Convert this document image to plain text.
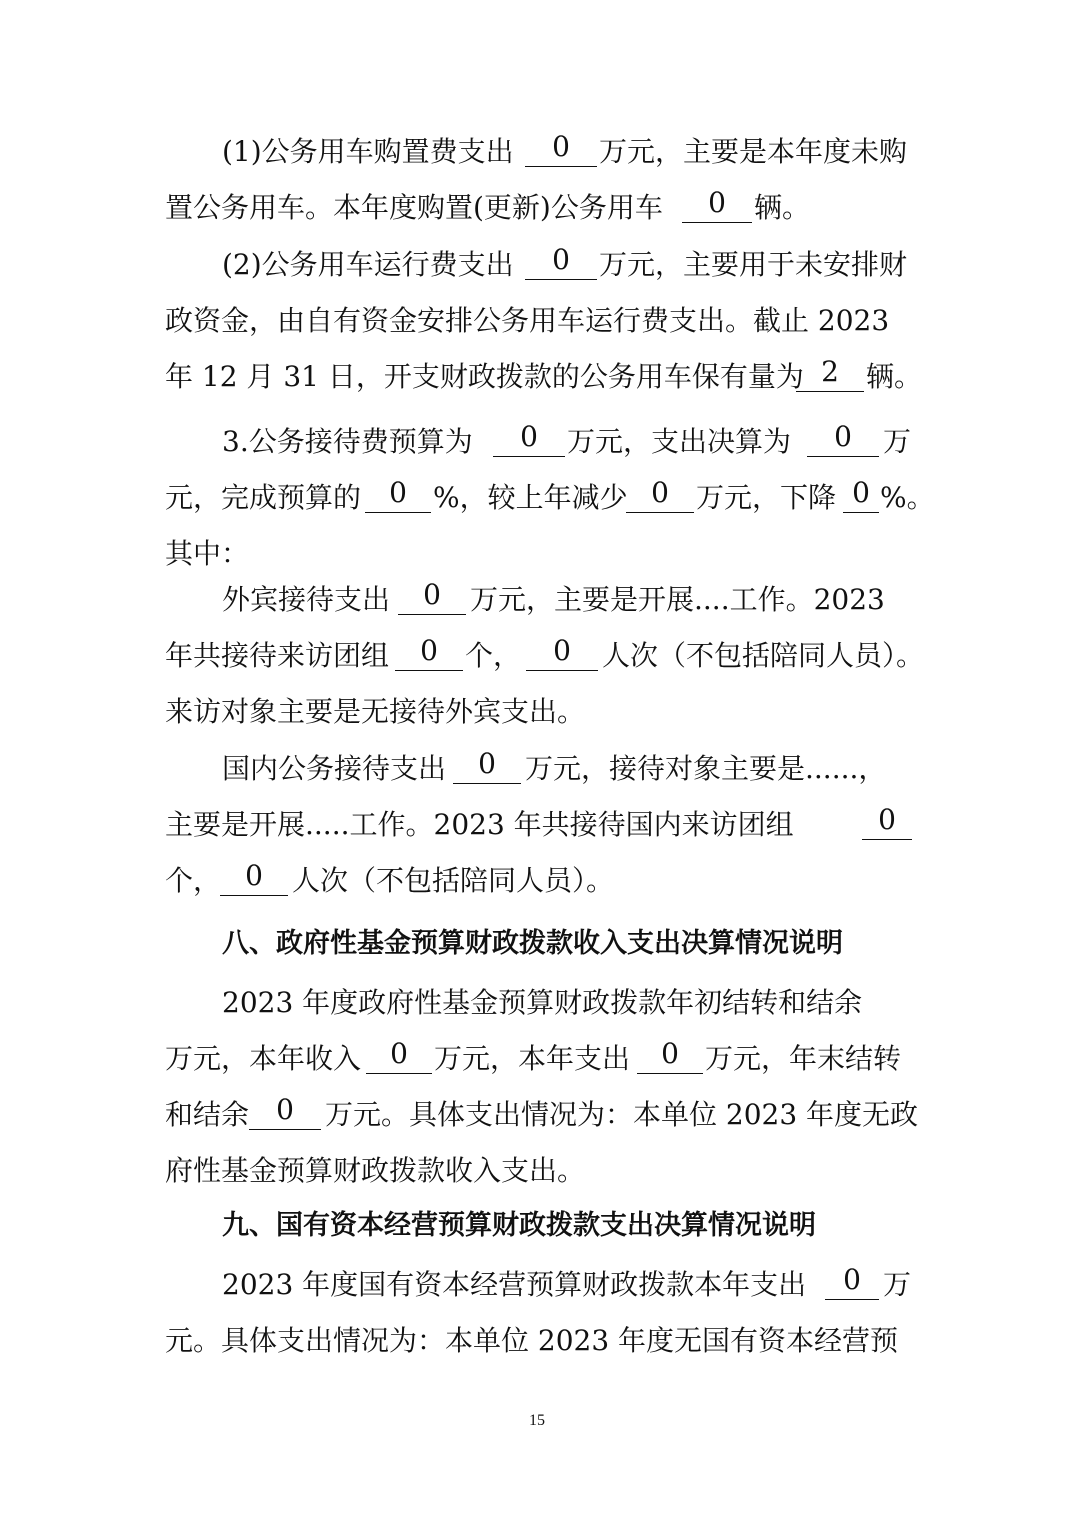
(1)公务用车购置费支出	0	万元，主要是本年度未购
置公务用车。本年度购置(更新)公务用车	0	辆。
(2)公务用车运行费支出	0	万元，主要用于未安排财
政资金，由自有资金安排公务用车运行费支出。截止 2023
年 12 月 31 日，开支财政拨款的公务用车保有量为 2 辆。
3.公务接待费预算为	0	万元，支出决算为	0	万
元，完成预算的	0 %，较上年减少 0 万元，下降 0 %。
其中：
外宾接待支出	0	万元，主要是开展....工作。2023
年共接待来访团组	0 个，	0	人次（不包括陪同人员）。
来访对象主要是无接待外宾支出。
国内公务接待支出	0	万元，接待对象主要是......，
主要是开展.....工作。2023 年共接待国内来访团组	0
个， 0	人次（不包括陪同人员）。
八、政府性基金预算财政拨款收入支出决算情况说明
2023 年度政府性基金预算财政拨款年初结转和结余
万元，本年收入	0 万元，本年支出	0 万元，年末结转
和结余 0	万元。具体支出情况为：本单位 2023 年度无政
府性基金预算财政拨款收入支出。
九、国有资本经营预算财政拨款支出决算情况说明
2023 年度国有资本经营预算财政拨款本年支出	0 万
元。具体支出情况为：本单位 2023 年度无国有资本经营预
15
